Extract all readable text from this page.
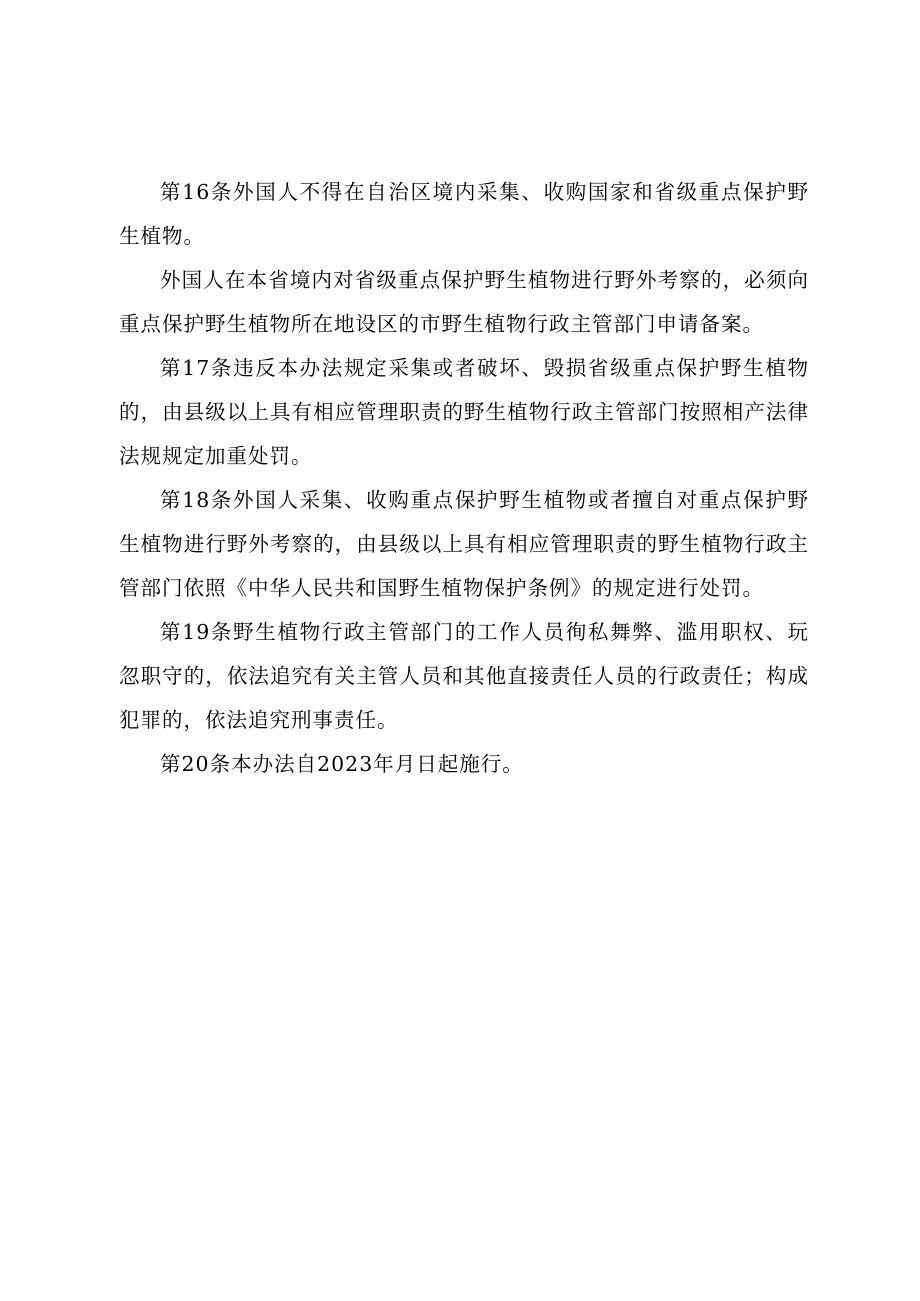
第16条外国人不得在自治区境内采集、收购国家和省级重点保护野生植物。

外国人在本省境内对省级重点保护野生植物进行野外考察的，必须向重点保护野生植物所在地设区的市野生植物行政主管部门申请备案。

第17条违反本办法规定采集或者破坏、毁损省级重点保护野生植物的，由县级以上具有相应管理职责的野生植物行政主管部门按照相产法律法规规定加重处罚。

第18条外国人采集、收购重点保护野生植物或者擅自对重点保护野生植物进行野外考察的，由县级以上具有相应管理职责的野生植物行政主管部门依照《中华人民共和国野生植物保护条例》的规定进行处罚。

第19条野生植物行政主管部门的工作人员徇私舞弊、滥用职权、玩忽职守的，依法追究有关主管人员和其他直接责任人员的行政责任；构成犯罪的，依法追究刑事责任。

第20条本办法自2023年月日起施行。
